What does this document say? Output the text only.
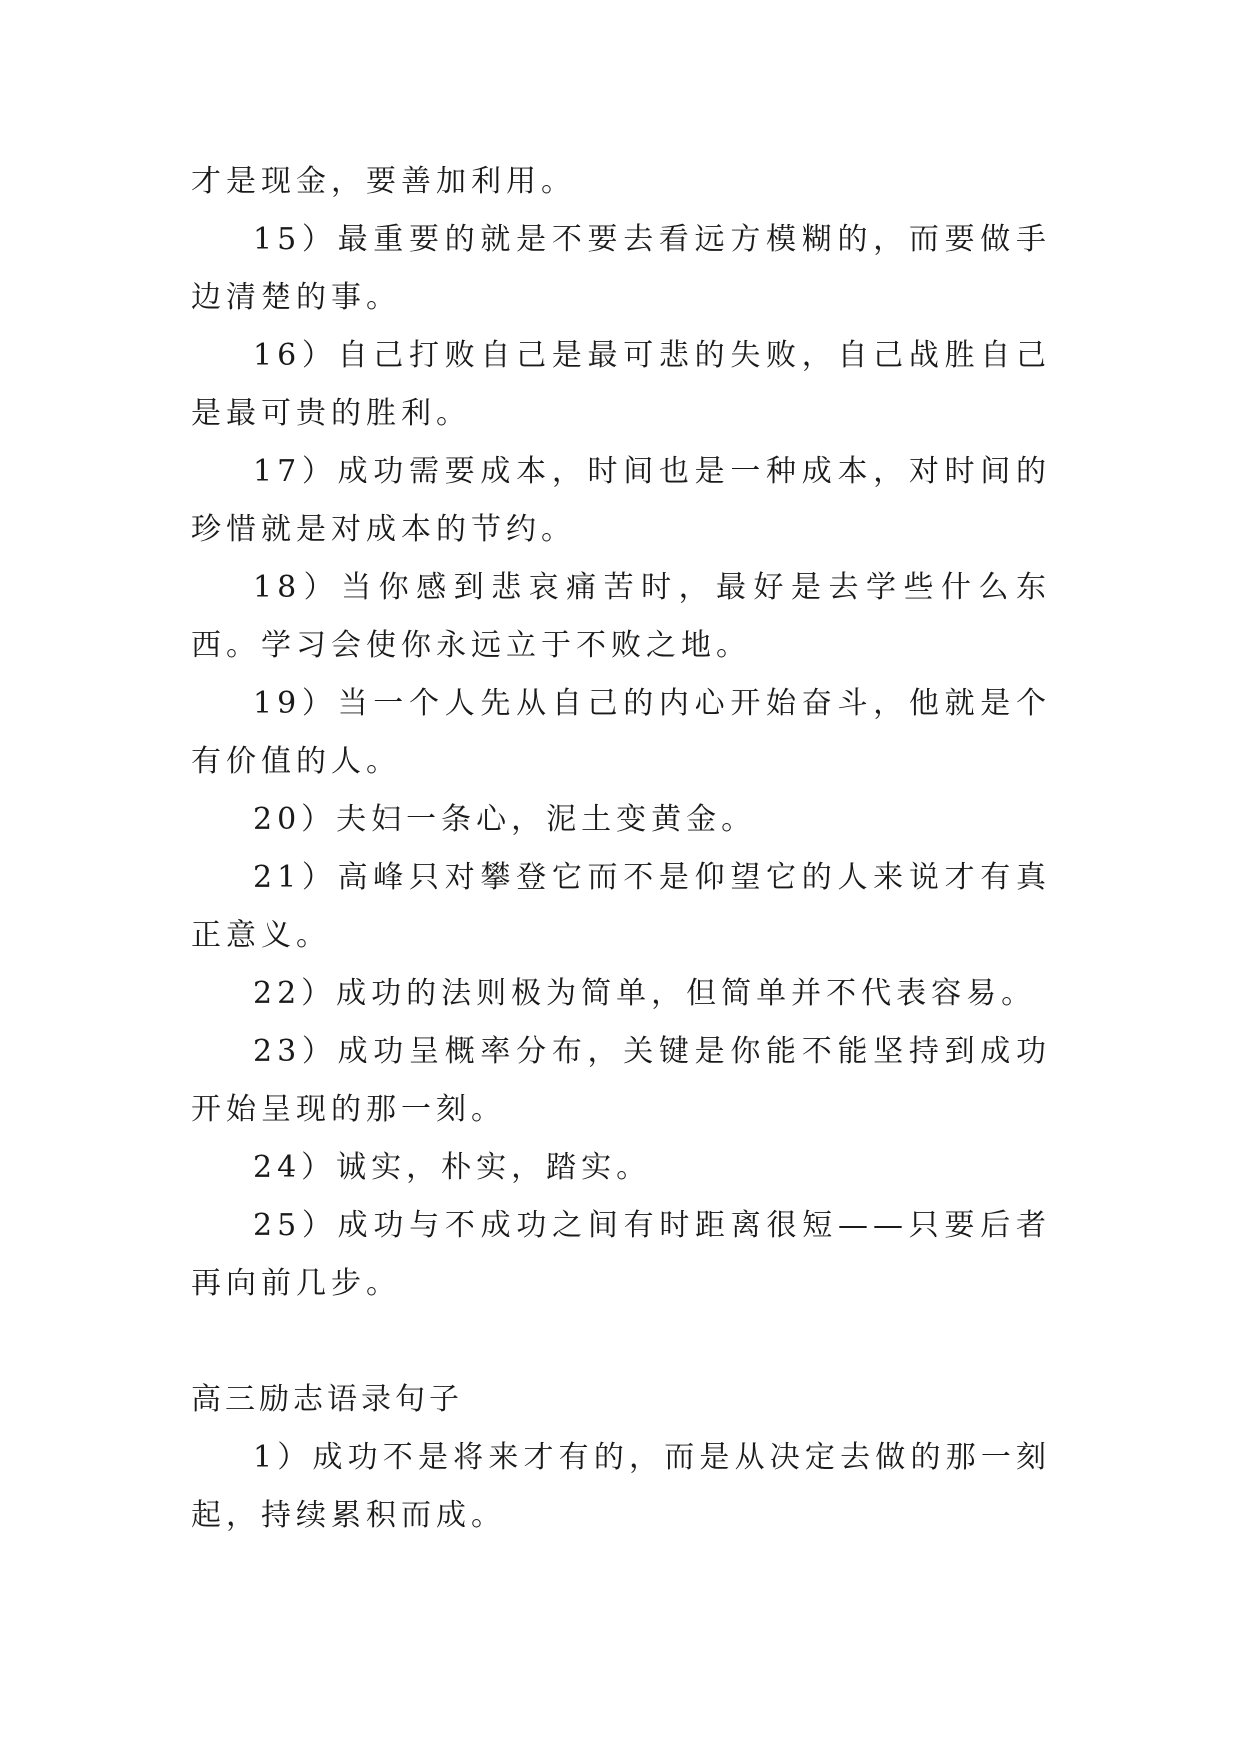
才是现金，要善加利用。

15）最重要的就是不要去看远方模糊的，而要做手边清楚的事。

16）自己打败自己是最可悲的失败，自己战胜自己是最可贵的胜利。

17）成功需要成本，时间也是一种成本，对时间的珍惜就是对成本的节约。

18）当你感到悲哀痛苦时，最好是去学些什么东西。学习会使你永远立于不败之地。

19）当一个人先从自己的内心开始奋斗，他就是个有价值的人。

20）夫妇一条心，泥土变黄金。

21）高峰只对攀登它而不是仰望它的人来说才有真正意义。

22）成功的法则极为简单，但简单并不代表容易。

23）成功呈概率分布，关键是你能不能坚持到成功开始呈现的那一刻。

24）诚实，朴实，踏实。

25）成功与不成功之间有时距离很短——只要后者再向前几步。

高三励志语录句子

1）成功不是将来才有的，而是从决定去做的那一刻起，持续累积而成。
